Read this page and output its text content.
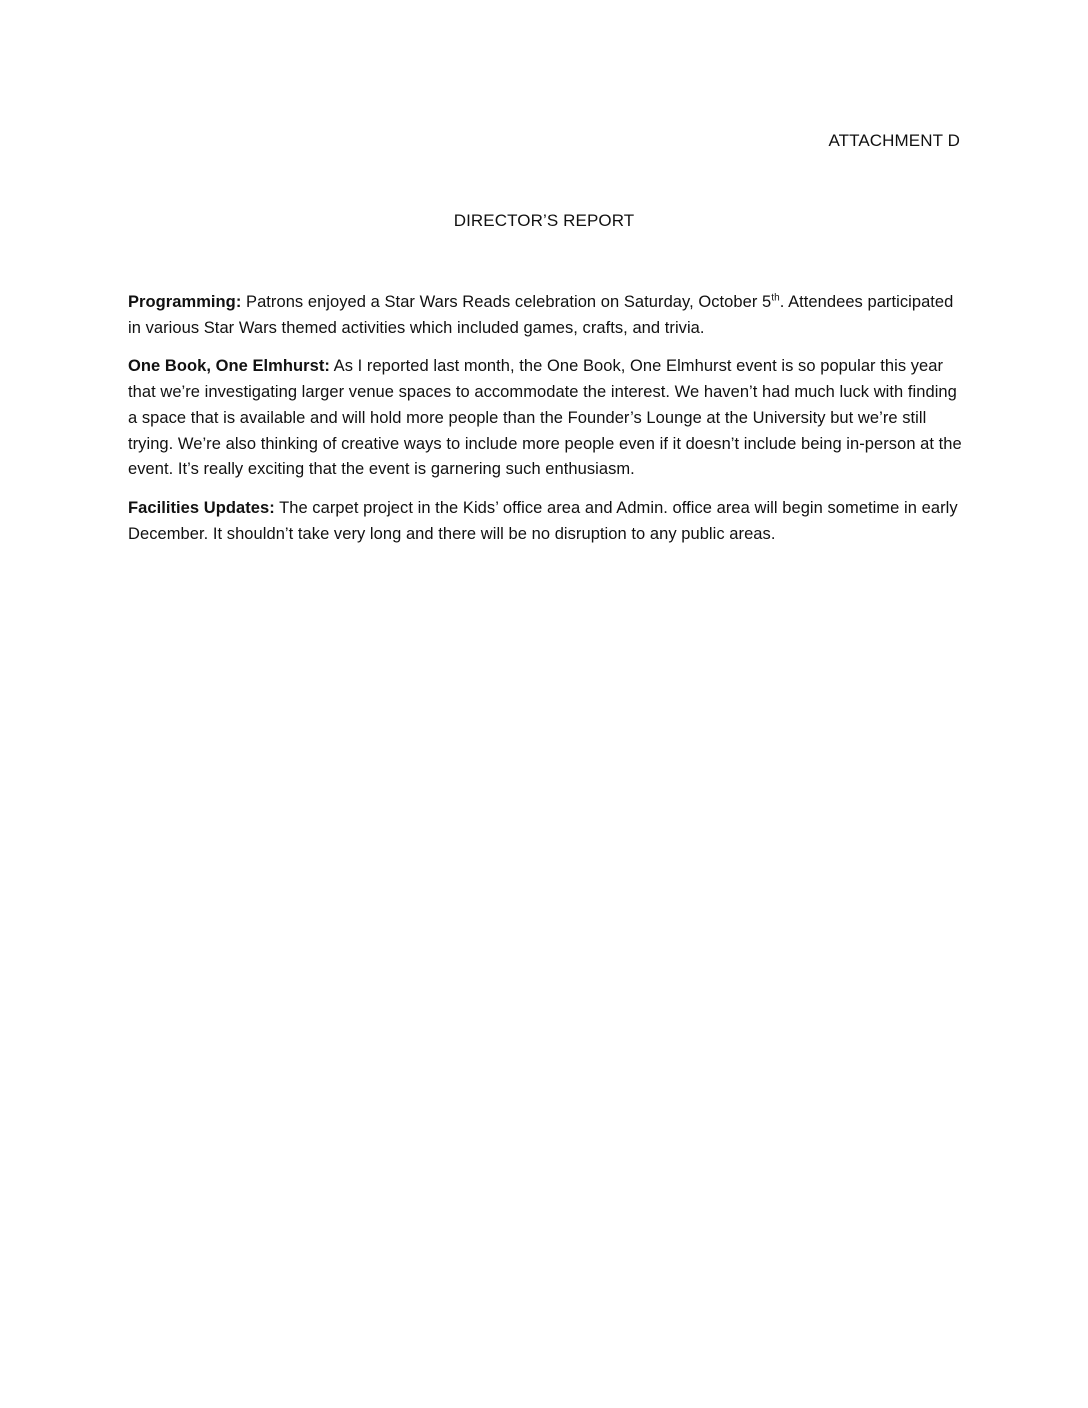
ATTACHMENT D
DIRECTOR’S REPORT

Programming: Patrons enjoyed a Star Wars Reads celebration on Saturday, October 5th. Attendees participated in various Star Wars themed activities which included games, crafts, and trivia.

One Book, One Elmhurst: As I reported last month, the One Book, One Elmhurst event is so popular this year that we’re investigating larger venue spaces to accommodate the interest. We haven’t had much luck with finding a space that is available and will hold more people than the Founder’s Lounge at the University but we’re still trying. We’re also thinking of creative ways to include more people even if it doesn’t include being in-person at the event. It’s really exciting that the event is garnering such enthusiasm.

Facilities Updates: The carpet project in the Kids’ office area and Admin. office area will begin sometime in early December. It shouldn’t take very long and there will be no disruption to any public areas.
